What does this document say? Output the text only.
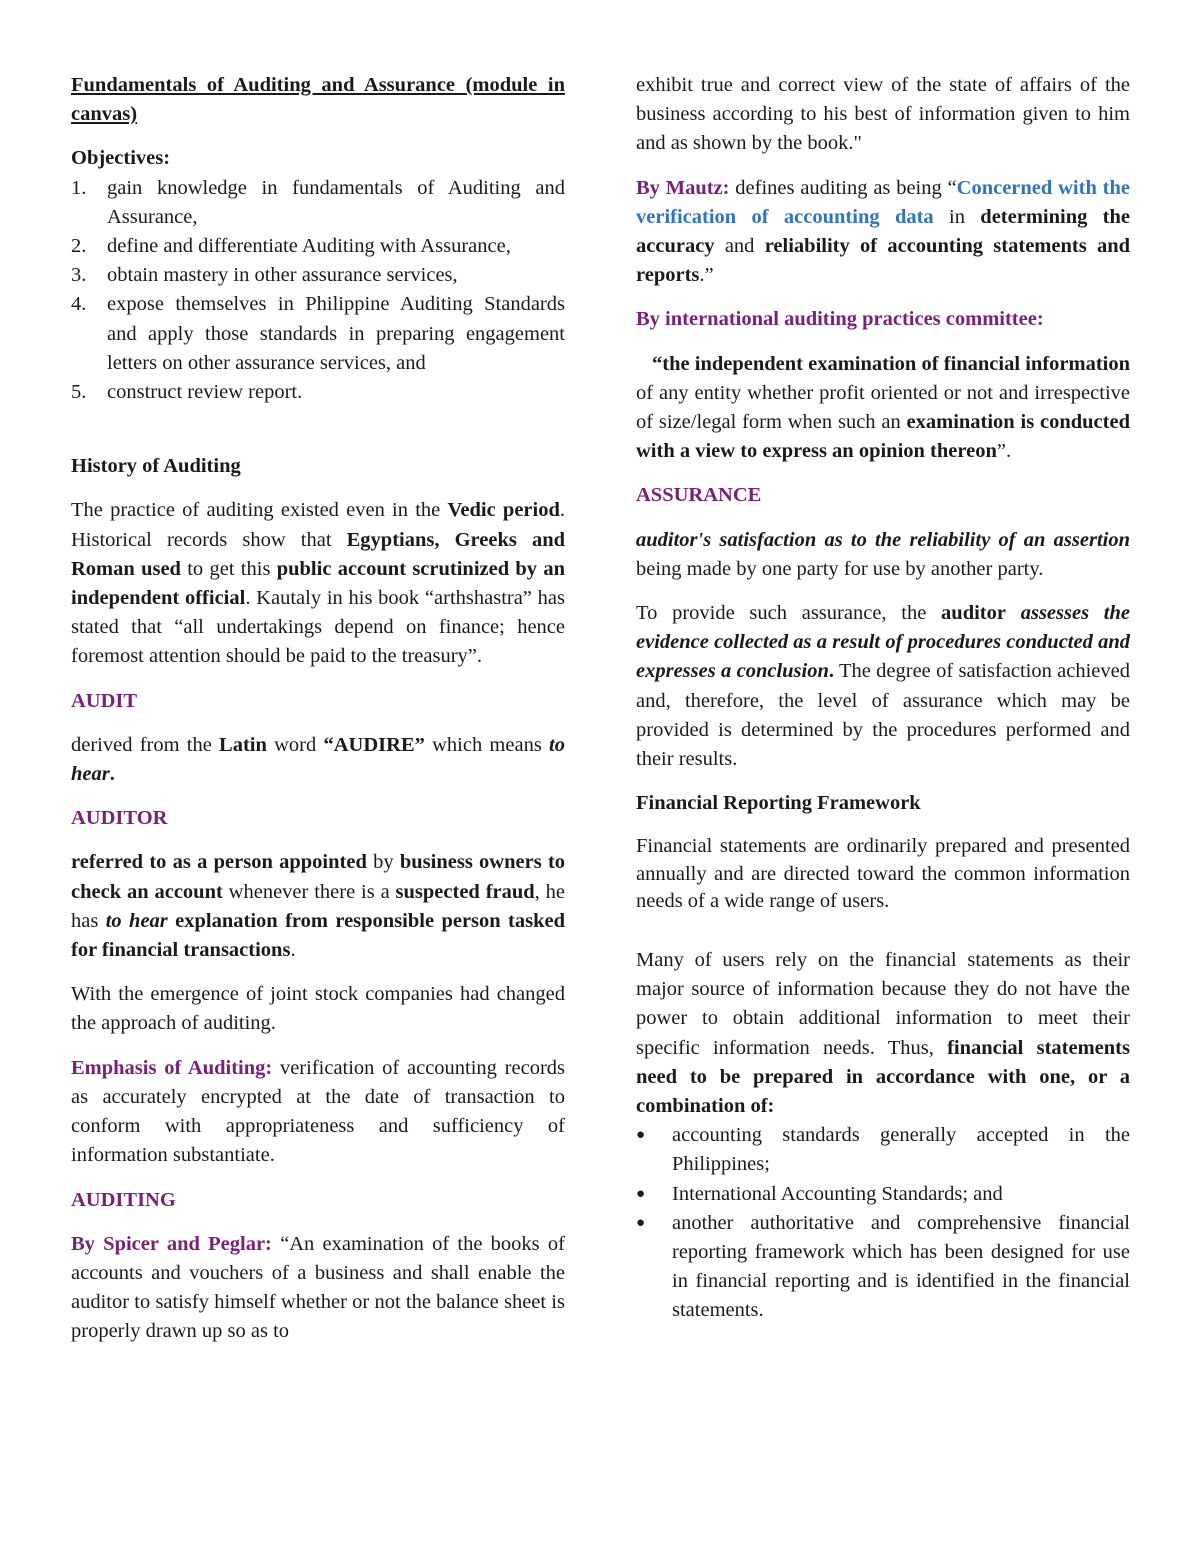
Fundamentals of Auditing and Assurance (module in canvas)
Objectives:
1.	gain knowledge in fundamentals of Auditing and Assurance,
2.	define and differentiate Auditing with Assurance,
3.	obtain mastery in other assurance services,
4.	expose themselves in Philippine Auditing Standards and apply those standards in preparing engagement letters on other assurance services, and
5.	construct review report.
History of Auditing

The practice of auditing existed even in the Vedic period. Historical records show that Egyptians, Greeks and Roman used to get this public account scrutinized by an independent official. Kautaly in his book “arthshastra” has stated that “all undertakings depend on finance; hence foremost attention should be paid to the treasury”.

AUDIT

derived from the Latin word “AUDIRE” which means to hear.

AUDITOR

referred to as a person appointed by business owners to check an account whenever there is a suspected fraud, he has to hear explanation from responsible person tasked for financial transactions.

With the emergence of joint stock companies had changed the approach of auditing.

Emphasis of Auditing: verification of accounting records as accurately encrypted at the date of transaction to conform with appropriateness and sufficiency of information substantiate.

AUDITING

By Spicer and Peglar: “An examination of the books of accounts and vouchers of a business and shall enable the auditor to satisfy himself whether or not the balance sheet is properly drawn up so as to

exhibit true and correct view of the state of affairs of the business according to his best of information given to him and as shown by the book."

By Mautz: defines auditing as being “Concerned with the verification of accounting data in determining the accuracy and reliability of accounting statements and reports.”

By international auditing practices committee:

“the independent examination of financial information of any entity whether profit oriented or not and irrespective of size/legal form when such an examination is conducted with a view to express an opinion thereon”.

ASSURANCE

auditor's satisfaction as to the reliability of an assertion being made by one party for use by another party.

To provide such assurance, the auditor assesses the evidence collected as a result of procedures conducted and expresses a conclusion. The degree of satisfaction achieved and, therefore, the level of assurance which may be provided is determined by the procedures performed and their results.

Financial Reporting Framework

Financial statements are ordinarily prepared and presented annually and are directed toward the common information needs of a wide range of users.

Many of users rely on the financial statements as their major source of information because they do not have the power to obtain additional information to meet their specific information needs. Thus, financial statements need to be prepared in accordance with one, or a combination of:

●	accounting standards generally accepted in the Philippines;
●	International Accounting Standards; and
●	another authoritative and comprehensive financial reporting framework which has been designed for use in financial reporting and is identified in the financial statements.
